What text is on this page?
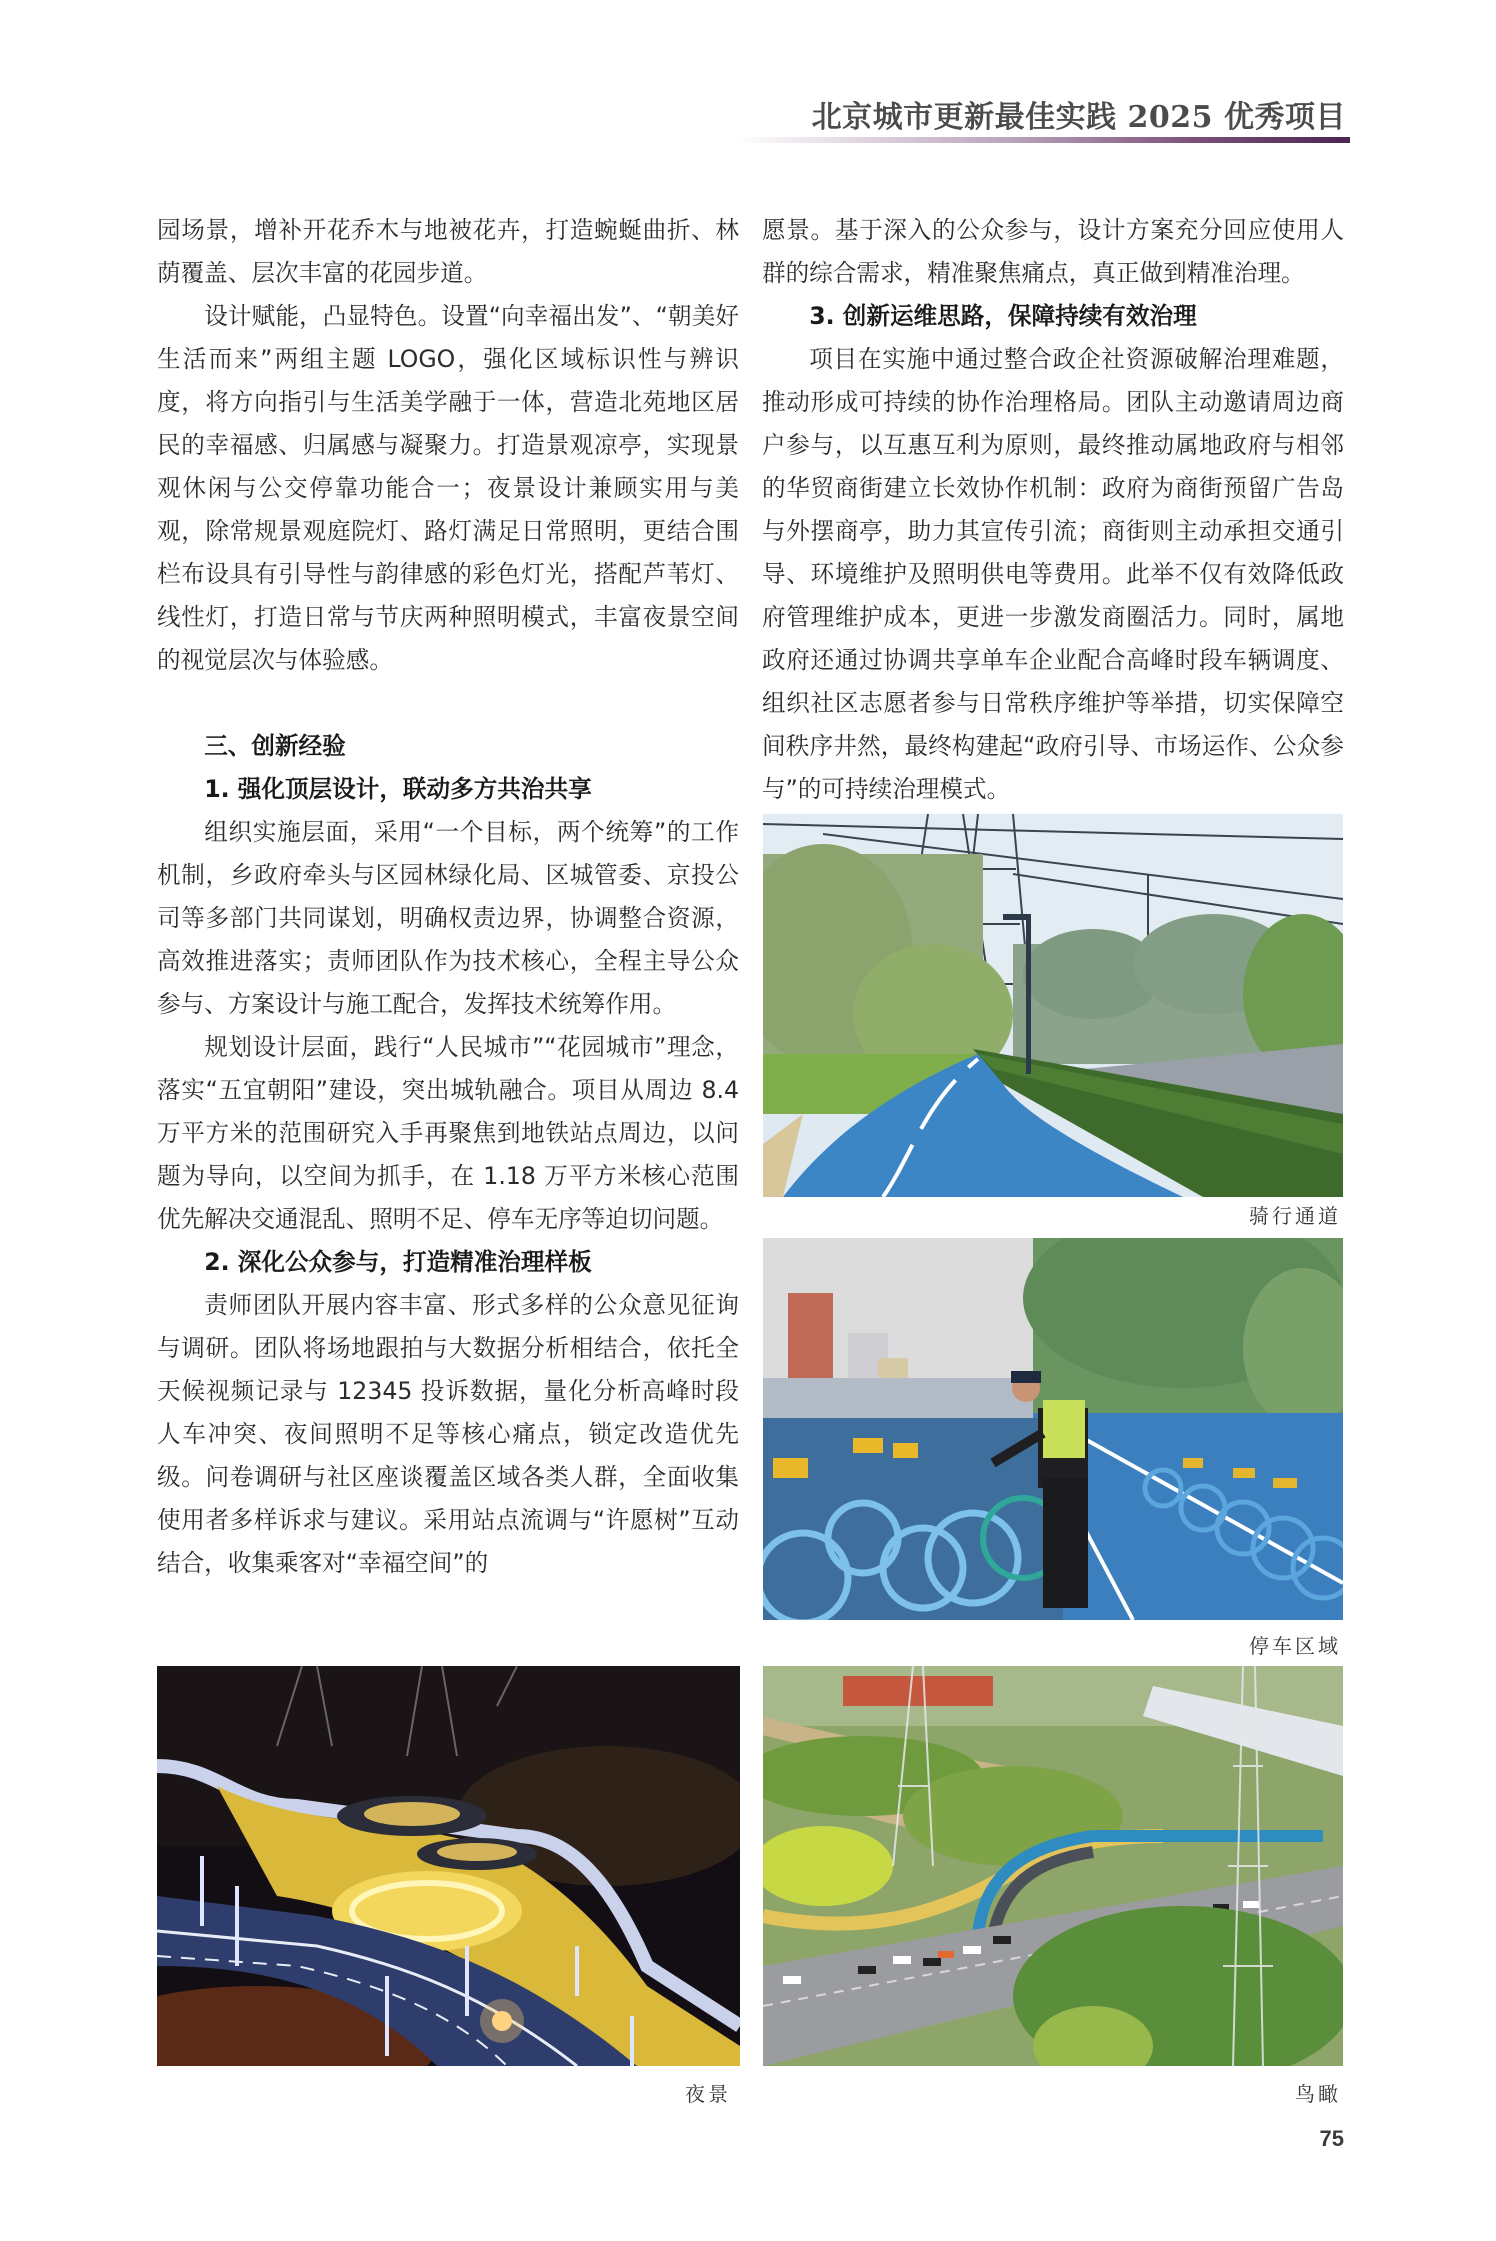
北京城市更新最佳实践 2025 优秀项目

园场景，增补开花乔木与地被花卉，打造蜿蜒曲折、林荫覆盖、层次丰富的花园步道。

设计赋能，凸显特色。设置“向幸福出发”、“朝美好生活而来”两组主题 LOGO，强化区域标识性与辨识度，将方向指引与生活美学融于一体，营造北苑地区居民的幸福感、归属感与凝聚力。打造景观凉亭，实现景观休闲与公交停靠功能合一；夜景设计兼顾实用与美观，除常规景观庭院灯、路灯满足日常照明，更结合围栏布设具有引导性与韵律感的彩色灯光，搭配芦苇灯、线性灯，打造日常与节庆两种照明模式，丰富夜景空间的视觉层次与体验感。

三、创新经验
1. 强化顶层设计，联动多方共治共享

组织实施层面，采用“一个目标，两个统筹”的工作机制，乡政府牵头与区园林绿化局、区城管委、京投公司等多部门共同谋划，明确权责边界，协调整合资源，高效推进落实；责师团队作为技术核心，全程主导公众参与、方案设计与施工配合，发挥技术统筹作用。

规划设计层面，践行“人民城市”“花园城市”理念，落实“五宜朝阳”建设，突出城轨融合。项目从周边 8.4 万平方米的范围研究入手再聚焦到地铁站点周边，以问题为导向，以空间为抓手，在 1.18 万平方米核心范围优先解决交通混乱、照明不足、停车无序等迫切问题。

2. 深化公众参与，打造精准治理样板

责师团队开展内容丰富、形式多样的公众意见征询与调研。团队将场地跟拍与大数据分析相结合，依托全天候视频记录与 12345 投诉数据，量化分析高峰时段人车冲突、夜间照明不足等核心痛点，锁定改造优先级。问卷调研与社区座谈覆盖区域各类人群，全面收集使用者多样诉求与建议。采用站点流调与“许愿树”互动结合，收集乘客对“幸福空间”的

愿景。基于深入的公众参与，设计方案充分回应使用人群的综合需求，精准聚焦痛点，真正做到精准治理。

3. 创新运维思路，保障持续有效治理

项目在实施中通过整合政企社资源破解治理难题，推动形成可持续的协作治理格局。团队主动邀请周边商户参与，以互惠互利为原则，最终推动属地政府与相邻的华贸商街建立长效协作机制：政府为商街预留广告岛与外摆商亭，助力其宣传引流；商街则主动承担交通引导、环境维护及照明供电等费用。此举不仅有效降低政府管理维护成本，更进一步激发商圈活力。同时，属地政府还通过协调共享单车企业配合高峰时段车辆调度、组织社区志愿者参与日常秩序维护等举措，切实保障空间秩序井然，最终构建起“政府引导、市场运作、公众参与”的可持续治理模式。

骑行通道
停车区域
夜景	鸟瞰
75
